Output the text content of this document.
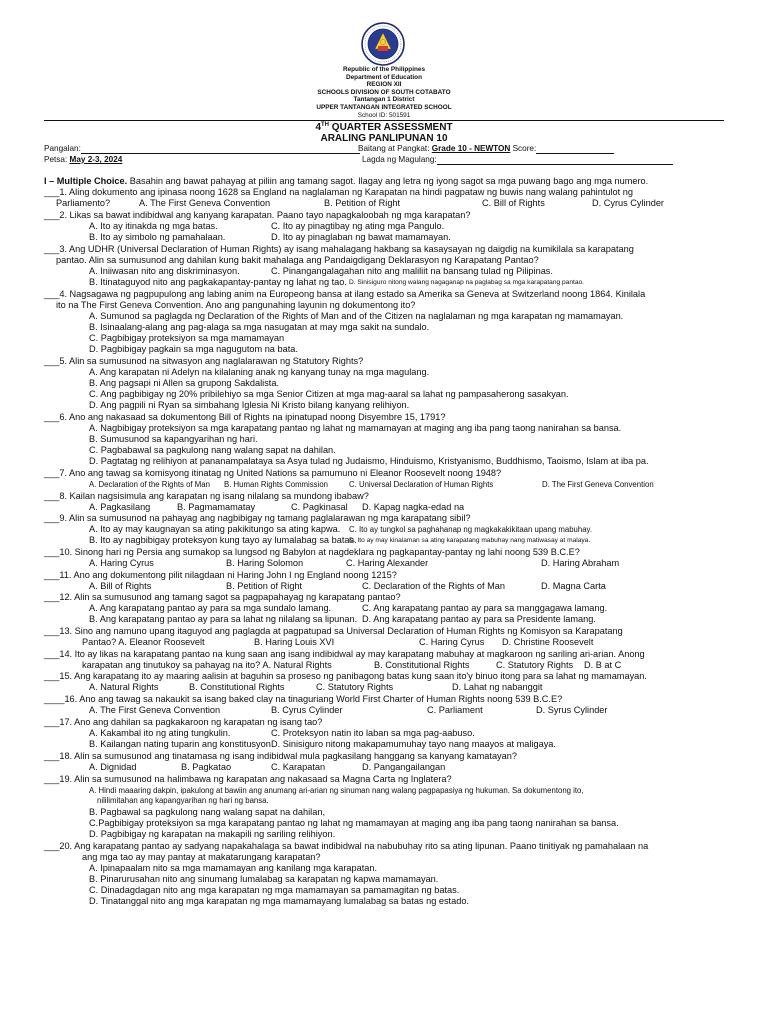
Republic of the Philippines
Department of Education
REGION XII
SCHOOLS DIVISION OF SOUTH COTABATO
Tantangan 1 District
UPPER TANTANGAN INTEGRATED SCHOOL
School ID: 501591
4TH QUARTER ASSESSMENT
ARALING PANLIPUNAN 10
Pangalan:	Baitang at Pangkat: Grade 10 - NEWTON Score:
Petsa: May 2-3, 2024	Lagda ng Magulang:
I – Multiple Choice. Basahin ang bawat pahayag at piliin ang tamang sagot. Ilagay ang letra ng iyong sagot sa mga puwang bago ang mga numero.
___1. Aling dokumento ang ipinasa noong 1628 sa England na naglalaman ng Karapatan na hindi pagpataw ng buwis nang walang pahintulot ng
Parliamento?	A. The First Geneva Convention	B. Petition of Right	C. Bill of Rights	D. Cyrus Cylinder
___2. Likas sa bawat indibidwal ang kanyang karapatan. Paano tayo napagkaloobah ng mga karapatan?
A. Ito ay itinakda ng mga batas.	C. Ito ay pinagtibay ng ating mga Pangulo.
B. Ito ay simbolo ng pamahalaan.	D. Ito ay pinaglaban ng bawat mamamayan.
___3. Ang UDHR (Universal Declaration of Human Rights) ay isang mahalagang hakbang sa kasaysayan ng daigdig na kumikilala sa karapatang
pantao. Alin sa sumusunod ang dahilan kung bakit mahalaga ang Pandaigdigang Deklarasyon ng Karapatang Pantao?
A. Iniiwasan nito ang diskriminasyon.	C. Pinangangalagahan nito ang maliliit na bansang tulad ng Pilipinas.
B. Itinataguyod nito ang pagkakapantay-pantay ng lahat ng tao. D. Sinisiguro nitong walang nagaganap na paglabag sa mga karapatang pantao.
___4. Nagsagawa ng pagpupulong ang labing anim na Europeong bansa at ilang estado sa Amerika sa Geneva at Switzerland noong 1864. Kinilala
ito na The First Geneva Convention. Ano ang pangunahing layunin ng dokumentong ito?
A. Sumunod sa paglagda ng Declaration of the Rights of Man and of the Citizen na naglalaman ng mga karapatan ng mamamayan.
B. Isinaalang-alang ang pag-alaga sa mga nasugatan at may mga sakit na sundalo.
C. Pagbibigay proteksiyon sa mga mamamayan
D. Pagbibigay pagkain sa mga nagugutom na bata.
___5. Alin sa sumusunod na sitwasyon ang naglalarawan ng Statutory Rights?
A. Ang karapatan ni Adelyn na kilalaning anak ng kanyang tunay na mga magulang.
B. Ang pagsapi ni Allen sa grupong Sakdalista.
C. Ang pagbibigay ng 20% pribilehiyo sa mga Senior Citizen at mga mag-aaral sa lahat ng pampasaherong sasakyan.
D. Ang pagpili ni Ryan sa simbahang Iglesia Ni Kristo bilang kanyang relihiyon.
___6. Ano ang nakasaad sa dokumentong Bill of Rights na ipinatupad noong Disyembre 15, 1791?
A. Nagbibigay proteksiyon sa mga karapatang pantao ng lahat ng mamamayan at maging ang iba pang taong nanirahan sa bansa.
B. Sumusunod sa kapangyarihan ng hari.
C. Pagbabawal sa pagkulong nang walang sapat na dahilan.
D. Pagtatag ng relihiyon at pananampalataya sa Asya tulad ng Judaismo, Hinduismo, Kristyanismo, Buddhismo, Taoismo, Islam at iba pa.
___7. Ano ang tawag sa komisyong itinatag ng United Nations sa pamumuno ni Eleanor Roosevelt noong 1948?
A. Declaration of the Rights of Man B. Human Rights Commission	C. Universal Declaration of Human Rights	D. The First Geneva Convention
___8. Kailan nagsisimula ang karapatan ng isang nilalang sa mundong ibabaw?
A. Pagkasilang	B. Pagmamamatay	C. Pagkinasal D. Kapag nagka-edad na
___9. Alin sa sumusunod na pahayag ang nagbibigay ng tamang paglalarawan ng mga karapatang sibil?
A. Ito ay may kaugnayan sa ating pakikitungo sa ating kapwa. C. Ito ay tungkol sa paghahanap ng magkakakikitaan upang mabuhay.
B. Ito ay nagbibigay proteksyon kung tayo ay lumalabag sa batas.
D. Ito ay may kinalaman sa ating karapatang mabuhay nang matiwasay at malaya.
___10. Sinong hari ng Persia ang sumakop sa lungsod ng Babylon at nagdeklara ng pagkapantay-pantay ng lahi noong 539 B.C.E?
A. Haring Cyrus	B. Haring Solomon	C. Haring Alexander	D. Haring Abraham
___11. Ano ang dokumentong pilit nilagdaan ni Haring John I ng England noong 1215?
A. Bill of Rights	B. Petition of Right	C. Declaration of the Rights of Man	D. Magna Carta
___12. Alin sa sumusunod ang tamang sagot sa pagpapahayag ng karapatang pantao?
A. Ang karapatang pantao ay para sa mga sundalo lamang.	C. Ang karapatang pantao ay para sa manggagawa lamang.
B. Ang karapatang pantao ay para sa lahat ng nilalang sa lipunan. D. Ang karapatang pantao ay para sa Presidente lamang.
___13. Sino ang namuno upang itaguyod ang paglagda at pagpatupad sa Universal Declaration of Human Rights ng Komisyon sa Karapatang
Pantao? A. Eleanor Roosevelt	B. Haring Louis XVI	C. Haring Cyrus D. Christine Roosevelt
___14. Ito ay likas na karapatang pantao na kung saan ang isang indibidwal ay may karapatang mabuhay at magkaroon ng sariling ari-arian. Anong
karapatan ang tinutukoy sa pahayag na ito? A. Natural Rights	B. Constitutional Rights	C. Statutory Rights D. B at C
___15. Ang karapatang ito ay maaring aalisin at baguhin sa proseso ng panibagong batas kung saan ito'y binuo itong para sa lahat ng mamamayan.
A. Natural Rights	B. Constitutional Rights	C. Statutory Rights	D. Lahat ng nabanggit
____16. Ano ang tawag sa nakaukit sa isang baked clay na tinaguriang World First Charter of Human Rights noong 539 B.C.E?
A. The First Geneva Convention	B. Cyrus Cylinder	C. Parliament	D. Syrus Cylinder
___17. Ano ang dahilan sa pagkakaroon ng karapatan ng isang tao?
A. Kakambal ito ng ating tungkulin.	C. Proteksyon natin ito laban sa mga pag-aabuso.
B. Kailangan nating tuparin ang konstitusyon D. Sinisiguro nitong makapamumuhay tayo nang maayos at maligaya.
___18. Alin sa sumusunod ang tinatamasa ng isang indibidwal mula pagkasilang hanggang sa kanyang kamatayan?
A. Dignidad	B. Pagkatao	C. Karapatan	D. Pangangailangan
___19. Alin sa sumusunod na halimbawa ng karapatan ang nakasaad sa Magna Carta ng Inglatera?
A. Hindi maaaring dakpin, ipakulong at bawiin ang anumang ari-arian ng sinuman nang walang pagpapasiya ng hukuman. Sa dokumentong ito,
nililimitahan ang kapangyarihan ng hari ng bansa.
B. Pagbawal sa pagkulong nang walang sapat na dahilan,
C.Pagbibigay proteksiyon sa mga karapatang pantao ng lahat ng mamamayan at maging ang iba pang taong nanirahan sa bansa.
D. Pagbibigay ng karapatan na makapili ng sariling relihiyon.
___20. Ang karapatang pantao ay sadyang napakahalaga sa bawat indibidwal na nabubuhay rito sa ating lipunan. Paano tinitiyak ng pamahalaan na
ang mga tao ay may pantay at makatarungang karapatan?
A. Ipinapaalam nito sa mga mamamayan ang kanilang mga karapatan.
B. Pinarurusahan nito ang sinumang lumalabag sa karapatan ng kapwa mamamayan.
C. Dinadagdagan nito ang mga karapatan ng mga mamamayan sa pamamagitan ng batas.
D. Tinatanggal nito ang mga karapatan ng mga mamamayang lumalabag sa batas ng estado.
